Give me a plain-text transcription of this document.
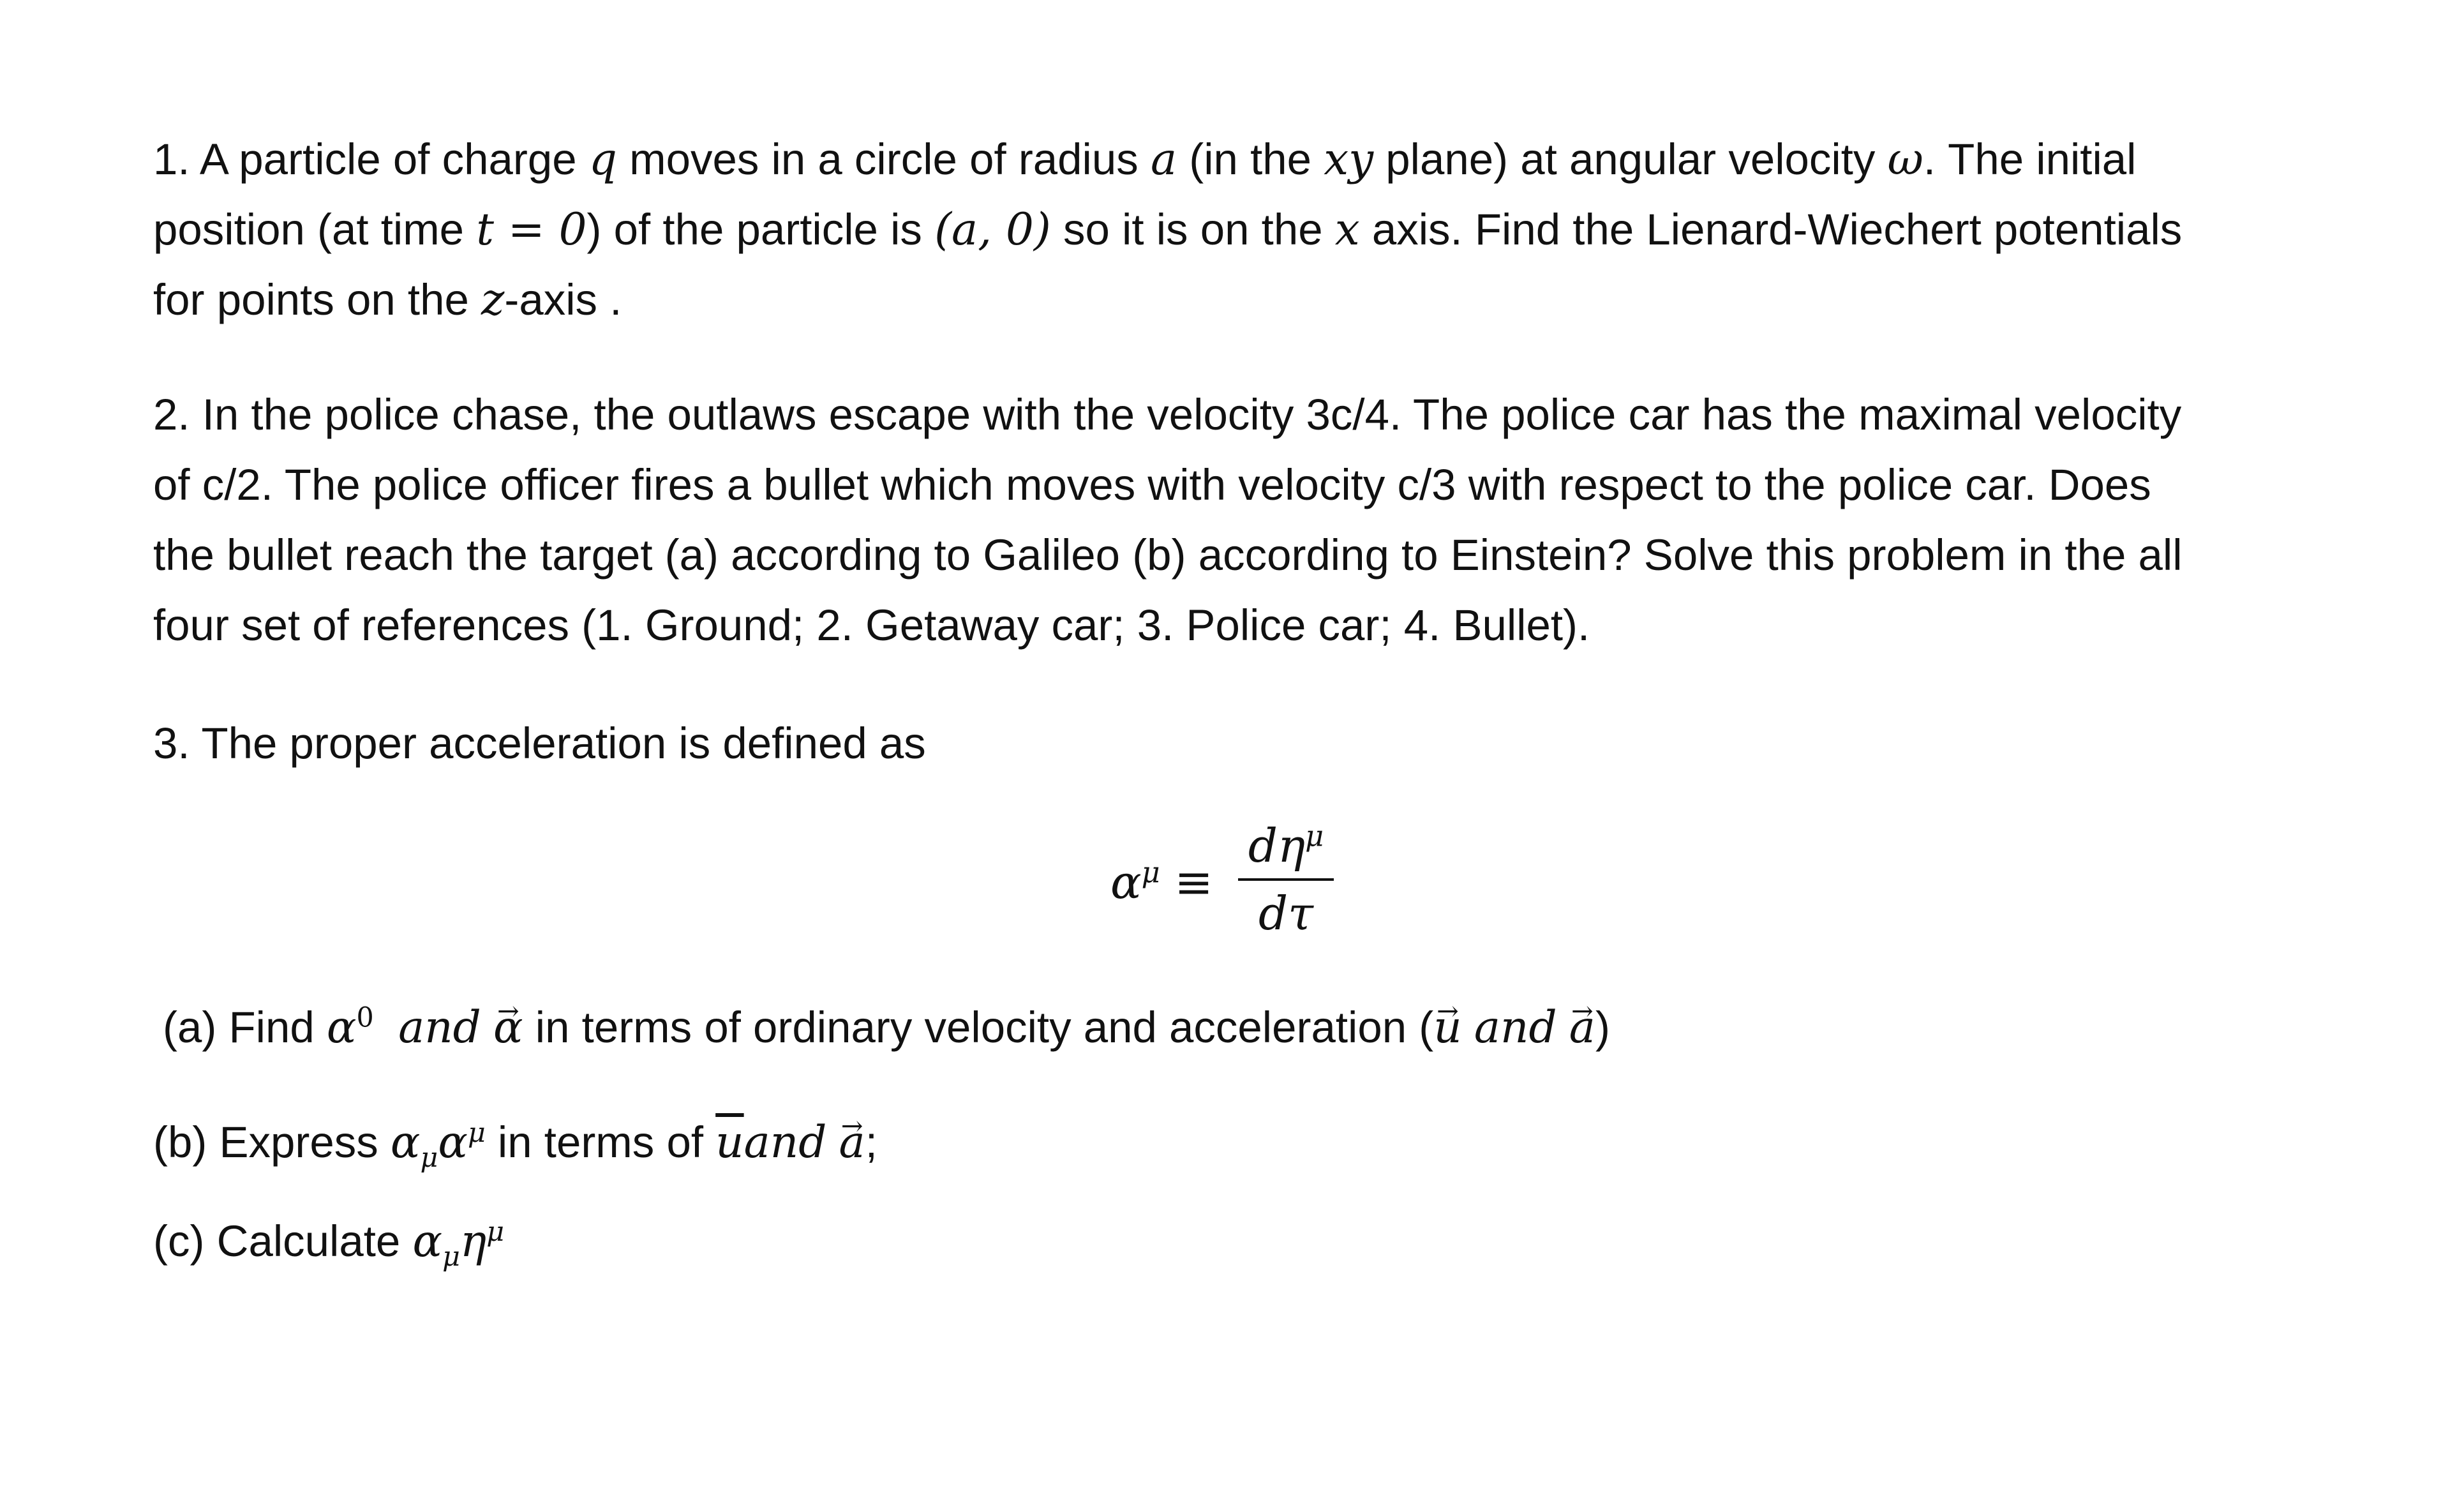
1. A particle of charge q moves in a circle of radius a (in the xy plane) at angular velocity ω. The initial
position (at time t = 0) of the particle is (a, 0) so it is on the x axis. Find the Lienard-Wiechert potentials
for points on the z-axis .
2. In the police chase, the outlaws escape with the velocity 3c/4. The police car has the maximal velocity
of c/2. The police officer fires a bullet which moves with velocity c/3 with respect to the police car. Does
the bullet reach the target (a) according to Galileo (b) according to Einstein? Solve this problem in the all
four set of references (1. Ground; 2. Getaway car; 3. Police car; 4. Bullet).
3. The proper acceleration is defined as
$\alpha^\mu$ ≡
$d\eta^\mu$
dτ
(a) Find $\alpha^0$ and → α in terms of ordinary velocity and acceleration (→ u and → a)
(b) Express $\alpha_\mu\alpha^\mu$ in terms of $\overline{u}and \to a$;
(c) Calculate $\alpha_\mu\eta^\mu$
